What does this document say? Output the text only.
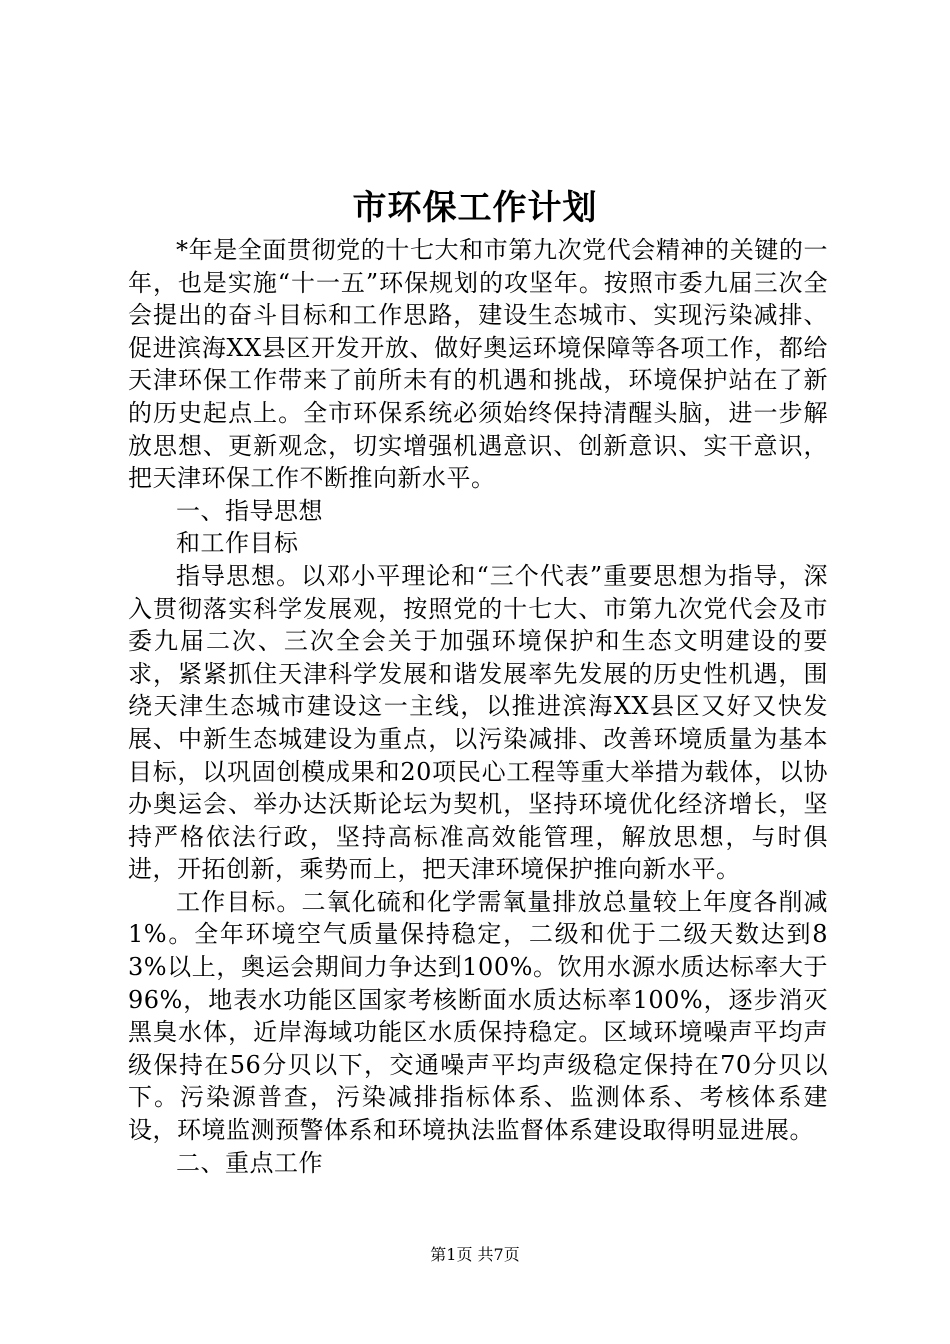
市环保工作计划

*年是全面贯彻党的十七大和市第九次党代会精神的关键的一年，也是实施“十一五”环保规划的攻坚年。按照市委九届三次全会提出的奋斗目标和工作思路，建设生态城市、实现污染减排、促进滨海XX县区开发开放、做好奥运环境保障等各项工作，都给天津环保工作带来了前所未有的机遇和挑战，环境保护站在了新的历史起点上。全市环保系统必须始终保持清醒头脑，进一步解放思想、更新观念，切实增强机遇意识、创新意识、实干意识，把天津环保工作不断推向新水平。

一、指导思想

和工作目标

指导思想。以邓小平理论和“三个代表”重要思想为指导，深入贯彻落实科学发展观，按照党的十七大、市第九次党代会及市委九届二次、三次全会关于加强环境保护和生态文明建设的要求，紧紧抓住天津科学发展和谐发展率先发展的历史性机遇，围绕天津生态城市建设这一主线，以推进滨海XX县区又好又快发展、中新生态城建设为重点，以污染减排、改善环境质量为基本目标，以巩固创模成果和20项民心工程等重大举措为载体，以协办奥运会、举办达沃斯论坛为契机，坚持环境优化经济增长，坚持严格依法行政，坚持高标准高效能管理，解放思想，与时俱进，开拓创新，乘势而上，把天津环境保护推向新水平。

工作目标。二氧化硫和化学需氧量排放总量较上年度各削减1%。全年环境空气质量保持稳定，二级和优于二级天数达到83%以上，奥运会期间力争达到100%。饮用水源水质达标率大于96%，地表水功能区国家考核断面水质达标率100%，逐步消灭黑臭水体，近岸海域功能区水质保持稳定。区域环境噪声平均声级保持在56分贝以下，交通噪声平均声级稳定保持在70分贝以下。污染源普查，污染减排指标体系、监测体系、考核体系建设，环境监测预警体系和环境执法监督体系建设取得明显进展。

二、重点工作

第1页 共7页
